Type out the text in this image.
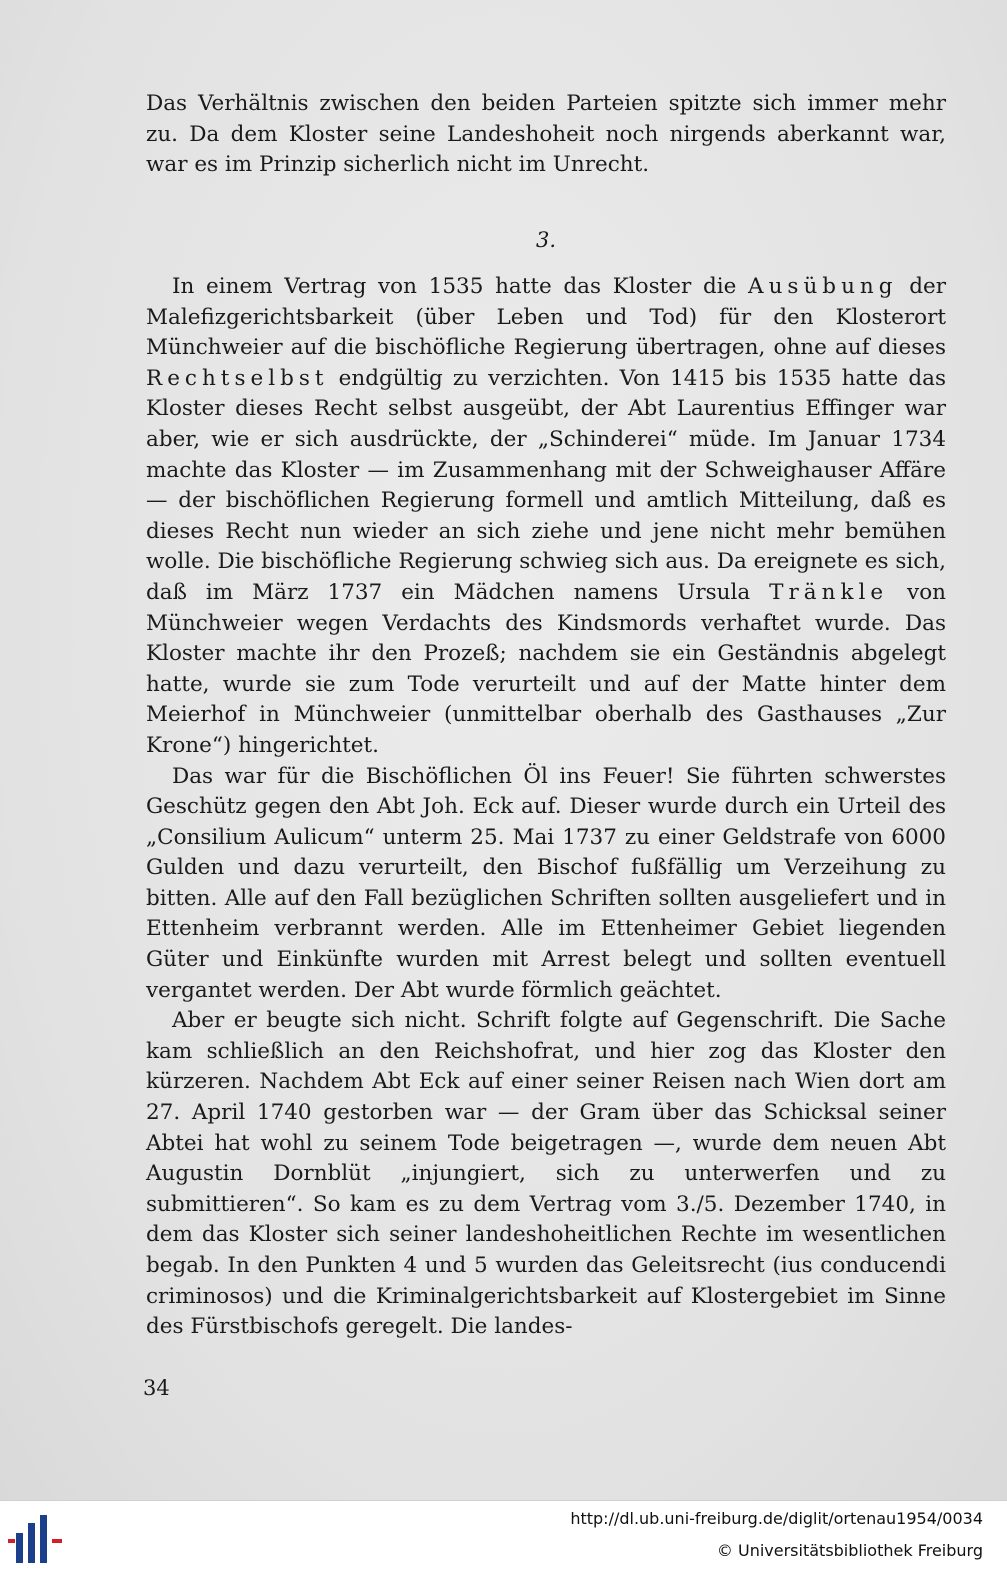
Das Verhältnis zwischen den beiden Parteien spitzte sich immer mehr zu. Da dem Kloster seine Landeshoheit noch nirgends aberkannt war, war es im Prinzip sicherlich nicht im Unrecht.

3.

In einem Vertrag von 1535 hatte das Kloster die Ausübung der Malefizgerichtsbarkeit (über Leben und Tod) für den Klosterort Münchweier auf die bischöfliche Regierung übertragen, ohne auf dieses Rechtselbst endgültig zu verzichten. Von 1415 bis 1535 hatte das Kloster dieses Recht selbst ausgeübt, der Abt Laurentius Effinger war aber, wie er sich ausdrückte, der „Schinderei“ müde. Im Januar 1734 machte das Kloster — im Zusammenhang mit der Schweighauser Affäre — der bischöflichen Regierung formell und amtlich Mitteilung, daß es dieses Recht nun wieder an sich ziehe und jene nicht mehr bemühen wolle. Die bischöfliche Regierung schwieg sich aus. Da ereignete es sich, daß im März 1737 ein Mädchen namens Ursula Tränkle von Münchweier wegen Verdachts des Kindsmords verhaftet wurde. Das Kloster machte ihr den Prozeß; nachdem sie ein Geständnis abgelegt hatte, wurde sie zum Tode verurteilt und auf der Matte hinter dem Meierhof in Münchweier (unmittelbar oberhalb des Gasthauses „Zur Krone“) hingerichtet.

Das war für die Bischöflichen Öl ins Feuer! Sie führten schwerstes Geschütz gegen den Abt Joh. Eck auf. Dieser wurde durch ein Urteil des „Consilium Aulicum“ unterm 25. Mai 1737 zu einer Geldstrafe von 6000 Gulden und dazu verurteilt, den Bischof fußfällig um Verzeihung zu bitten. Alle auf den Fall bezüglichen Schriften sollten ausgeliefert und in Ettenheim verbrannt werden. Alle im Ettenheimer Gebiet liegenden Güter und Einkünfte wurden mit Arrest belegt und sollten eventuell vergantet werden. Der Abt wurde förmlich geächtet.

Aber er beugte sich nicht. Schrift folgte auf Gegenschrift. Die Sache kam schließlich an den Reichshofrat, und hier zog das Kloster den kürzeren. Nachdem Abt Eck auf einer seiner Reisen nach Wien dort am 27. April 1740 gestorben war — der Gram über das Schicksal seiner Abtei hat wohl zu seinem Tode beigetragen —, wurde dem neuen Abt Augustin Dornblüt „injungiert, sich zu unterwerfen und zu submittieren“. So kam es zu dem Vertrag vom 3./5. Dezember 1740, in dem das Kloster sich seiner landeshoheitlichen Rechte im wesentlichen begab. In den Punkten 4 und 5 wurden das Geleitsrecht (ius conducendi criminosos) und die Kriminalgerichtsbarkeit auf Klostergebiet im Sinne des Fürstbischofs geregelt. Die landes-

34
http://dl.ub.uni-freiburg.de/diglit/ortenau1954/0034
© Universitätsbibliothek Freiburg
